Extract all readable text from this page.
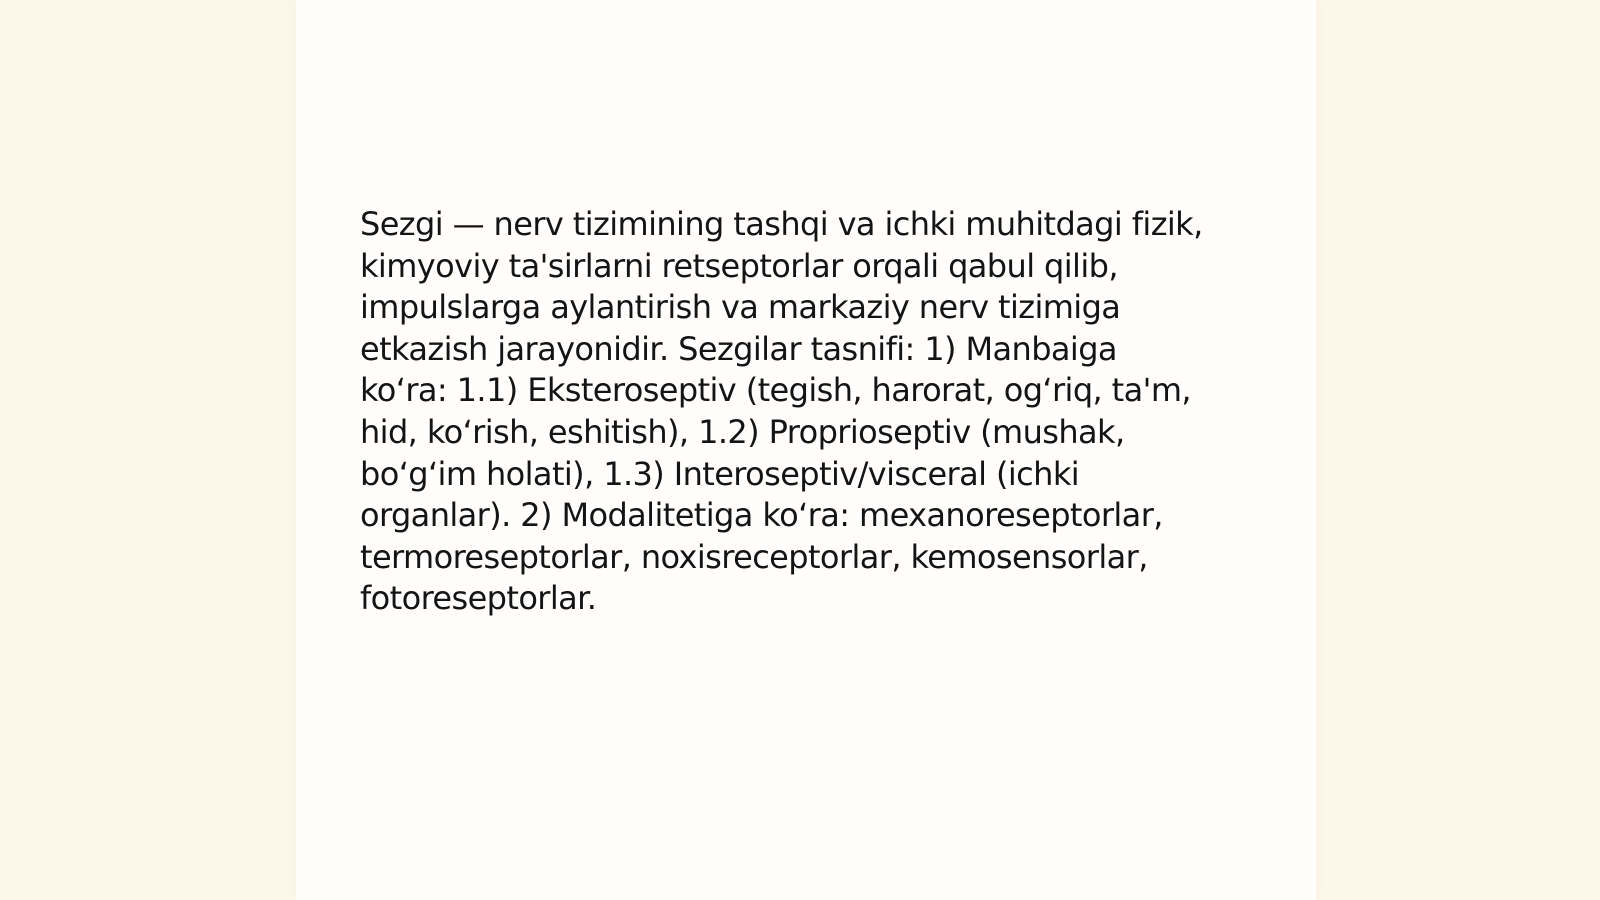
Sezgi — nerv tizimining tashqi va ichki muhitdagi fizik,
kimyoviy ta'sirlarni retseptorlar orqali qabul qilib,
impulslarga aylantirish va markaziy nerv tizimiga
etkazish jarayonidir. Sezgilar tasnifi: 1) Manbaiga
koʻra: 1.1) Eksteroseptiv (tegish, harorat, ogʻriq, ta'm,
hid, koʻrish, eshitish), 1.2) Proprioseptiv (mushak,
boʻgʻim holati), 1.3) Interoseptiv/visceral (ichki
organlar). 2) Modalitetiga koʻra: mexanoreseptorlar,
termoreseptorlar, noxisreceptorlar, kemosensorlar,
fotoreseptorlar.
